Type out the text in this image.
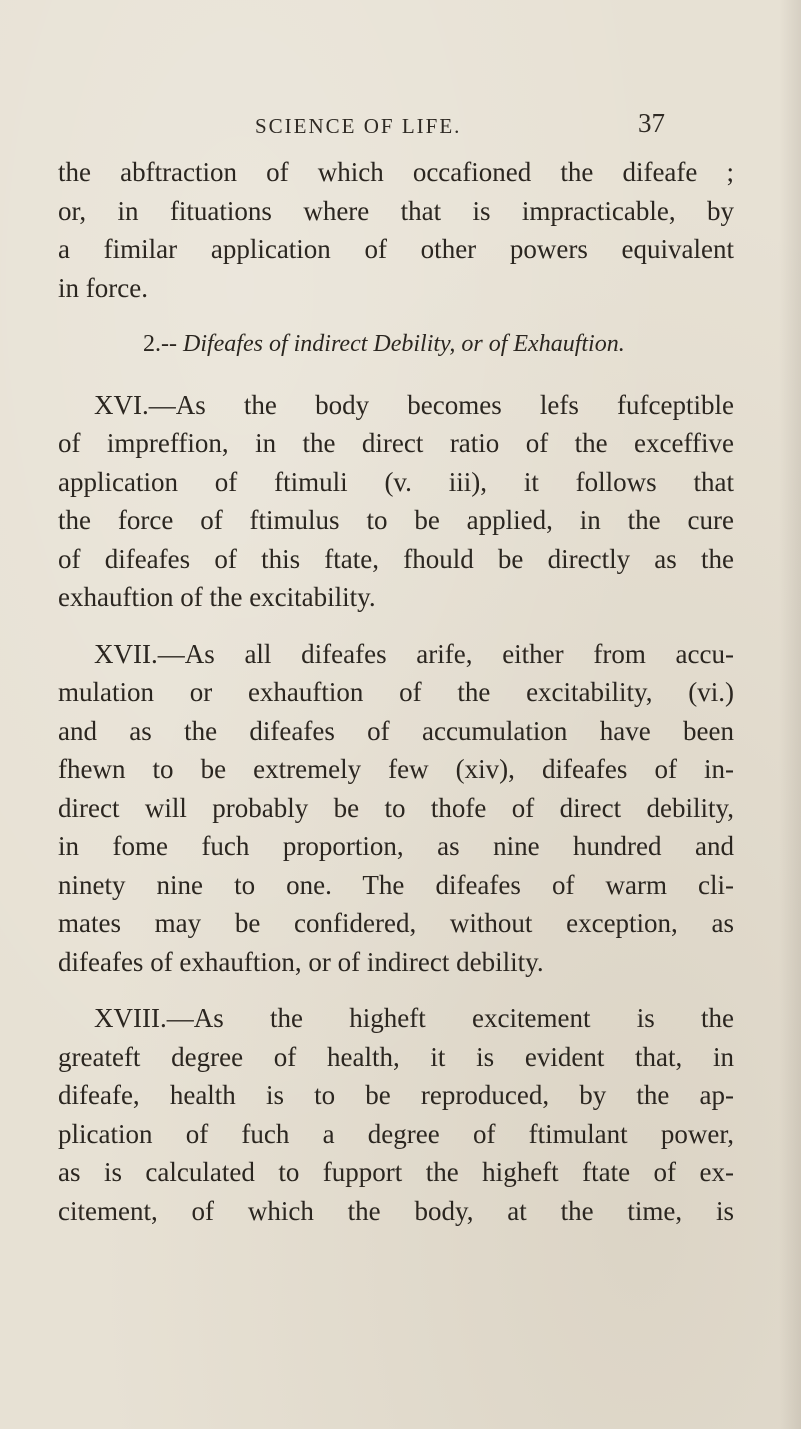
SCIENCE OF LIFE.	37
the abftraction of which occafioned the difeafe ;
or, in fituations where that is impracticable, by
a fimilar application of other powers equivalent
in force.
2.-- Difeafes of indirect Debility, or of Exhauftion.
XVI.—As the body becomes lefs fufceptible
of impreffion, in the direct ratio of the exceffive
application of ftimuli (v. iii), it follows that
the force of ftimulus to be applied, in the cure
of difeafes of this ftate, fhould be directly as the
exhauftion of the excitability.
XVII.—As all difeafes arife, either from accu-
mulation or exhauftion of the excitability, (vi.)
and as the difeafes of accumulation have been
fhewn to be extremely few (xiv), difeafes of in-
direct will probably be to thofe of direct debility,
in fome fuch proportion, as nine hundred and
ninety nine to one. The difeafes of warm cli-
mates may be confidered, without exception, as
difeafes of exhauftion, or of indirect debility.
XVIII.—As the higheft excitement is the
greateft degree of health, it is evident that, in
difeafe, health is to be reproduced, by the ap-
plication of fuch a degree of ftimulant power,
as is calculated to fupport the higheft ftate of ex-
citement, of which the body, at the time, is
